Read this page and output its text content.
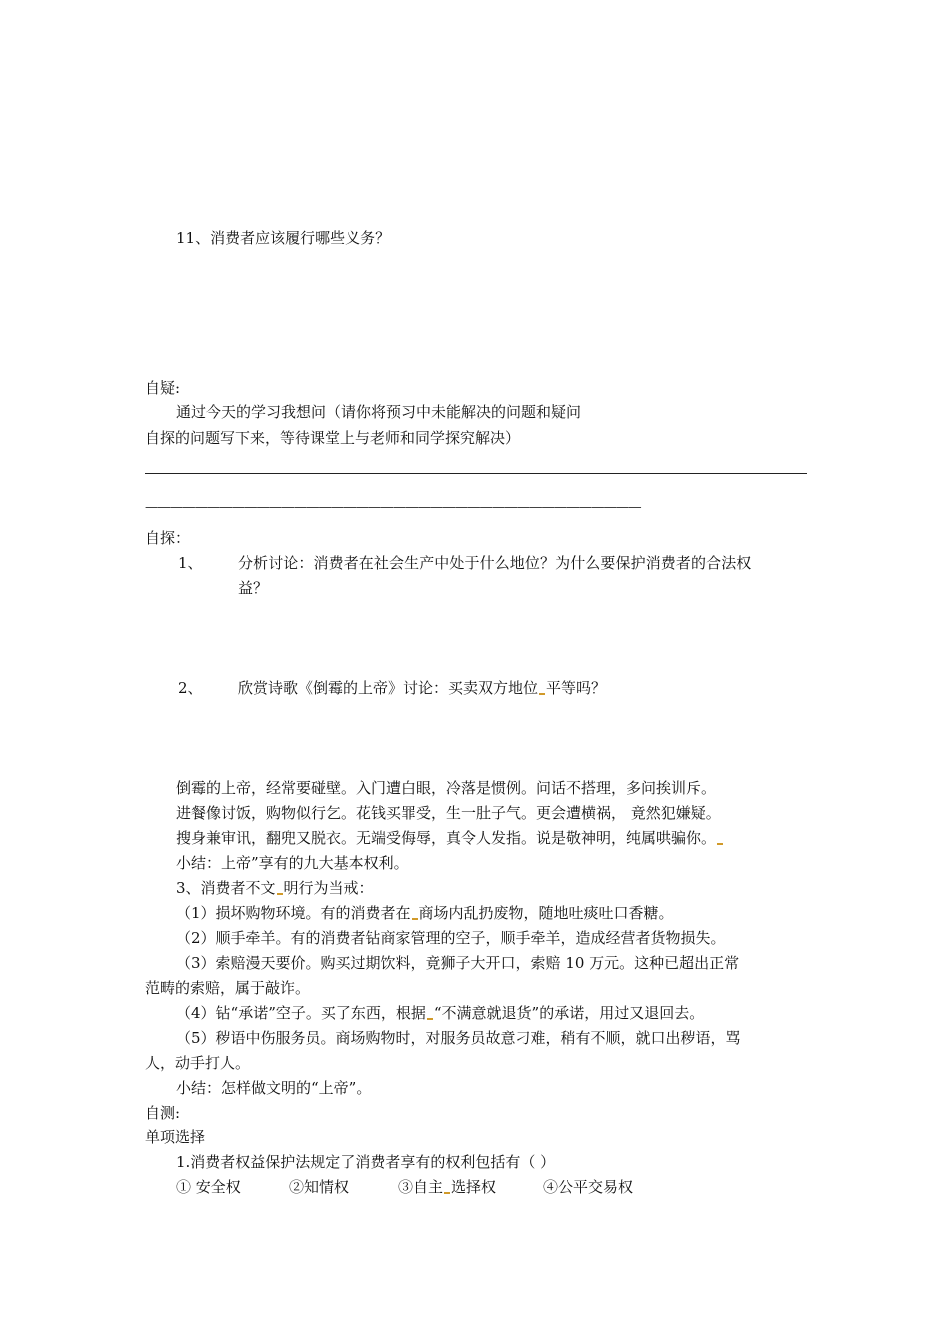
11、消费者应该履行哪些义务？
自疑:
通过今天的学习我想问（请你将预习中未能解决的问题和疑问
自探的问题写下来，等待课堂上与老师和同学探究解决）
————————————————————————————————————————
自探：
1、 分析讨论：消费者在社会生产中处于什么地位？为什么要保护消费者的合法权
益？
2、 欣赏诗歌《倒霉的上帝》讨论：买卖双方地位 平等吗？
倒霉的上帝，经常要碰壁。入门遭白眼，冷落是惯例。问话不搭理，多问挨训斥。
进餐像讨饭，购物似行乞。花钱买罪受，生一肚子气。更会遭横祸， 竟然犯嫌疑。
搜身兼审讯，翻兜又脱衣。无端受侮辱，真令人发指。说是敬神明，纯属哄骗你。
小结：上帝”享有的九大基本权利。
3、消费者不文 明行为当戒：
（1）损坏购物环境。有的消费者在 商场内乱扔废物，随地吐痰吐口香糖。
（2）顺手牵羊。有的消费者钻商家管理的空子，顺手牵羊，造成经营者货物损失。
（3）索赔漫天要价。购买过期饮料，竟狮子大开口，索赔 10 万元。这种已超出正常
范畴的索赔，属于敲诈。
（4）钻“承诺”空子。买了东西，根据 “不满意就退货”的承诺，用过又退回去。
（5）秽语中伤服务员。商场购物时，对服务员故意刁难，稍有不顺，就口出秽语，骂
人，动手打人。
小结：怎样做文明的“上帝”。
自测:
单项选择
1.消费者权益保护法规定了消费者享有的权利包括有（ ）
① 安全权	②知情权	③自主 选择权	④公平交易权
